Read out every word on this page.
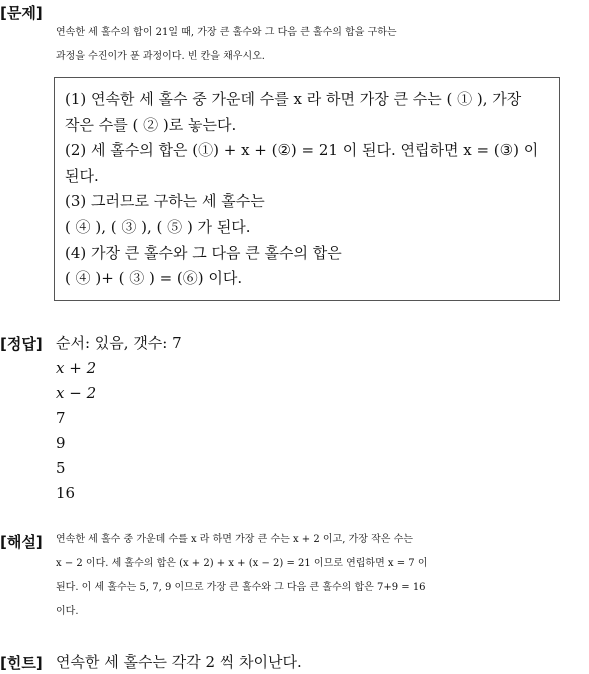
[문제]
연속한 세 홀수의 합이 21일 때, 가장 큰 홀수와 그 다음 큰 홀수의 합을 구하는
과정을 수진이가 푼 과정이다. 빈 칸을 채우시오.
(1) 연속한 세 홀수 중 가운데 수를 x 라 하면 가장 큰 수는 ( ① ), 가장
작은 수를 ( ② )로 놓는다.
(2) 세 홀수의 합은 (①) + x + (②) = 21 이 된다. 연립하면 x = (③) 이
된다.
(3) 그러므로 구하는 세 홀수는
( ④ ), ( ③ ), ( ⑤ ) 가 된다.
(4) 가장 큰 홀수와 그 다음 큰 홀수의 합은
( ④ )+ ( ③ ) = (⑥) 이다.
[정답] 순서: 있음, 갯수: 7
x + 2
x − 2
7
9
5
16
[해설] 연속한 세 홀수 중 가운데 수를 x 라 하면 가장 큰 수는 x + 2 이고, 가장 작은 수는
x − 2 이다. 세 홀수의 합은 (x + 2) + x + (x − 2) = 21 이므로 연립하면 x = 7 이
된다. 이 세 홀수는 5, 7, 9 이므로 가장 큰 홀수와 그 다음 큰 홀수의 합은 7+9 = 16
이다.
[힌트] 연속한 세 홀수는 각각 2 씩 차이난다.
